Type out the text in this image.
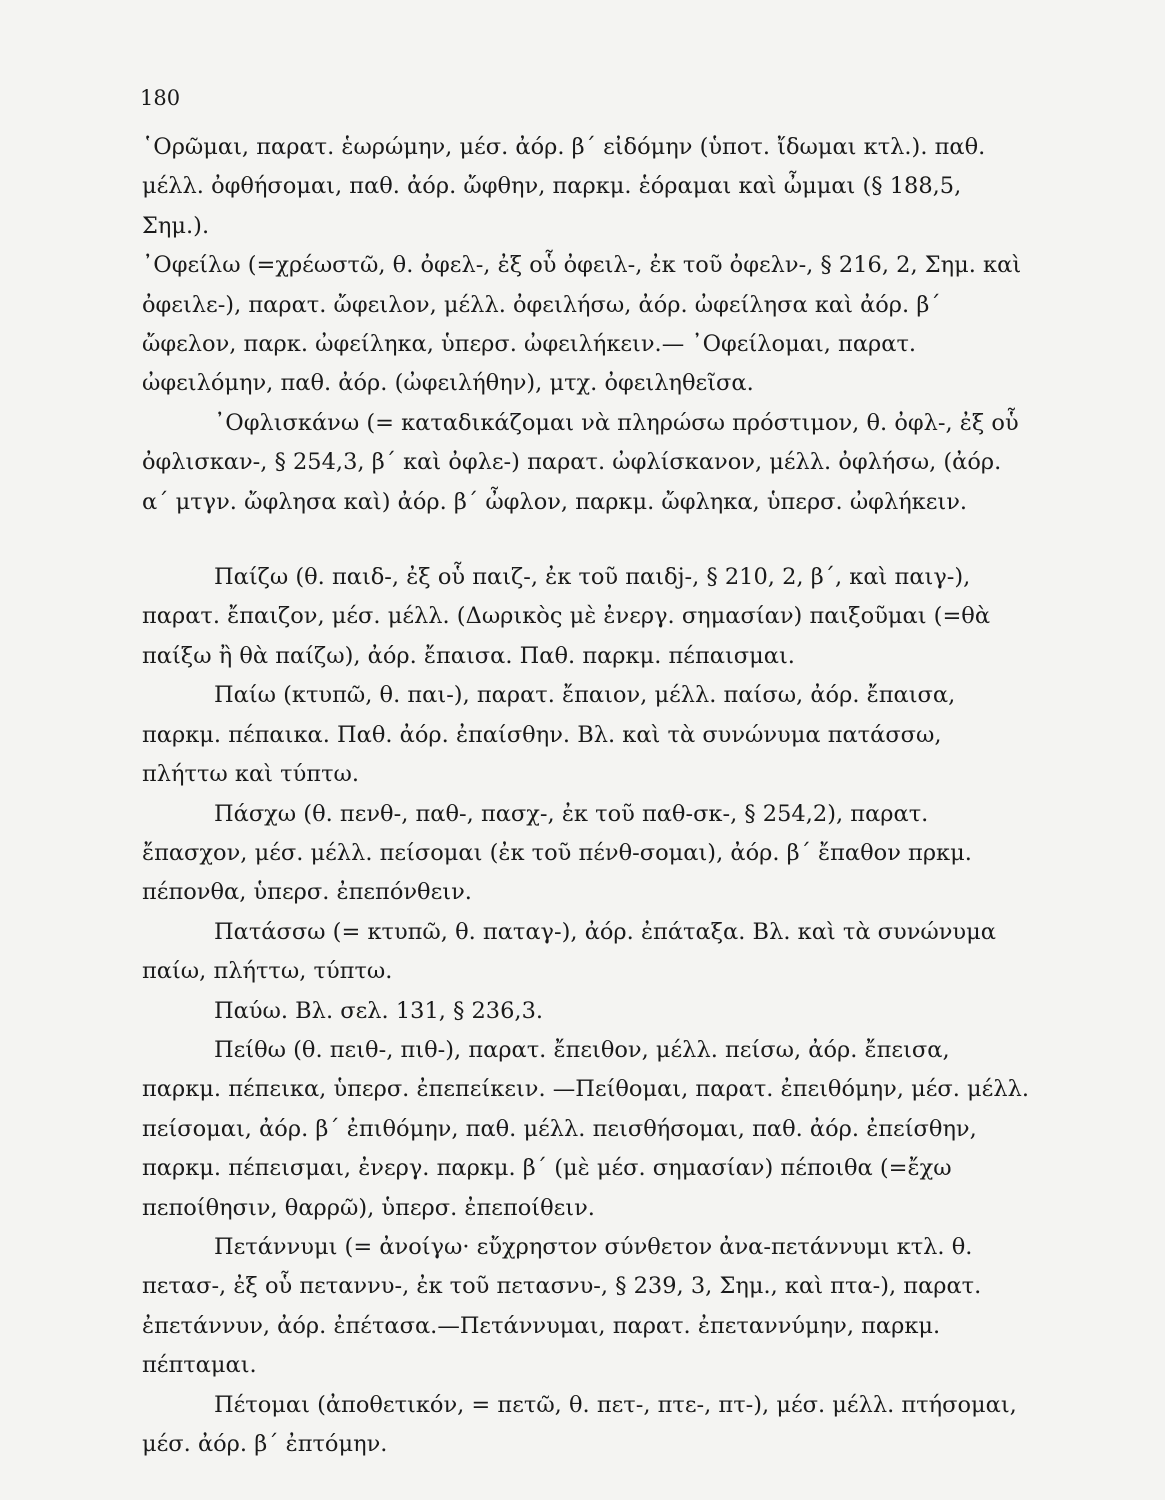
180

῾Ορῶμαι, παρατ. ἑωρώμην, μέσ. ἀόρ. β΄ εἰδόμην (ὑποτ. ἴδωμαι κτλ.). παθ. μέλλ. ὀφθήσομαι, παθ. ἀόρ. ὤφθην, παρκμ. ἑόραμαι καὶ ὦμμαι (§ 188,5, Σημ.).

᾿Οφείλω (=χρέωστῶ, θ. ὀφελ-, ἐξ οὗ ὀφειλ-, ἐκ τοῦ ὀφελν-, § 216, 2, Σημ. καὶ ὀφειλε-), παρατ. ὤφειλον, μέλλ. ὀφειλήσω, ἀόρ. ὠφείλησα καὶ ἀόρ. β΄ ὤφελον, παρκ. ὠφείληκα, ὑπερσ. ὠφειλήκειν.— ᾿Οφείλομαι, παρατ. ὠφειλόμην, παθ. ἀόρ. (ὠφειλήθην), μτχ. ὀφειληθεῖσα.

᾿Οφλισκάνω (= καταδικάζομαι νὰ πληρώσω πρόστιμον, θ. ὀφλ-, ἐξ οὗ ὀφλισκαν-, § 254,3, β΄ καὶ ὀφλε-) παρατ. ὠφλίσκανον, μέλλ. ὀφλήσω, (ἀόρ. α΄ μτγν. ὤφλησα καὶ) ἀόρ. β΄ ὦφλον, παρκμ. ὤφληκα, ὑπερσ. ὠφλήκειν.

Παίζω (θ. παιδ-, ἐξ οὗ παιζ-, ἐκ τοῦ παιδj-, § 210, 2, β΄, καὶ παιγ-), παρατ. ἔπαιζον, μέσ. μέλλ. (Δωρικὸς μὲ ἐνεργ. σημασίαν) παιξοῦμαι (=θὰ παίξω ἢ θὰ παίζω), ἀόρ. ἔπαισα. Παθ. παρκμ. πέπαισμαι.

Παίω (κτυπῶ, θ. παι-), παρατ. ἔπαιον, μέλλ. παίσω, ἀόρ. ἔπαισα, παρκμ. πέπαικα. Παθ. ἀόρ. ἐπαίσθην. Βλ. καὶ τὰ συνώνυμα πατάσσω, πλήττω καὶ τύπτω.

Πάσχω (θ. πενθ-, παθ-, πασχ-, ἐκ τοῦ παθ-σκ-, § 254,2), παρατ. ἔπασχον, μέσ. μέλλ. πείσομαι (ἐκ τοῦ πένθ-σομαι), ἀόρ. β΄ ἔπαθον πρκμ. πέπονθα, ὑπερσ. ἐπεπόνθειν.

Πατάσσω (= κτυπῶ, θ. παταγ-), ἀόρ. ἐπάταξα. Βλ. καὶ τὰ συνώνυμα παίω, πλήττω, τύπτω.

Παύω. Βλ. σελ. 131, § 236,3.

Πείθω (θ. πειθ-, πιθ-), παρατ. ἔπειθον, μέλλ. πείσω, ἀόρ. ἔπεισα, παρκμ. πέπεικα, ὑπερσ. ἐπεπείκειν. —Πείθομαι, παρατ. ἐπειθόμην, μέσ. μέλλ. πείσομαι, ἀόρ. β΄ ἐπιθόμην, παθ. μέλλ. πεισθήσομαι, παθ. ἀόρ. ἐπείσθην, παρκμ. πέπεισμαι, ἐνεργ. παρκμ. β΄ (μὲ μέσ. σημασίαν) πέποιθα (=ἔχω πεποίθησιν, θαρρῶ), ὑπερσ. ἐπεποίθειν.

Πετάννυμι (= ἀνοίγω· εὔχρηστον σύνθετον ἀνα-πετάννυμι κτλ. θ. πετασ-, ἐξ οὗ πεταννυ-, ἐκ τοῦ πετασνυ-, § 239, 3, Σημ., καὶ πτα-), παρατ. ἐπετάννυν, ἀόρ. ἐπέτασα.—Πετάννυμαι, παρατ. ἐπεταννύμην, παρκμ. πέπταμαι.

Πέτομαι (ἀποθετικόν, = πετῶ, θ. πετ-, πτε-, πτ-), μέσ. μέλλ. πτήσομαι, μέσ. ἀόρ. β΄ ἐπτόμην.
